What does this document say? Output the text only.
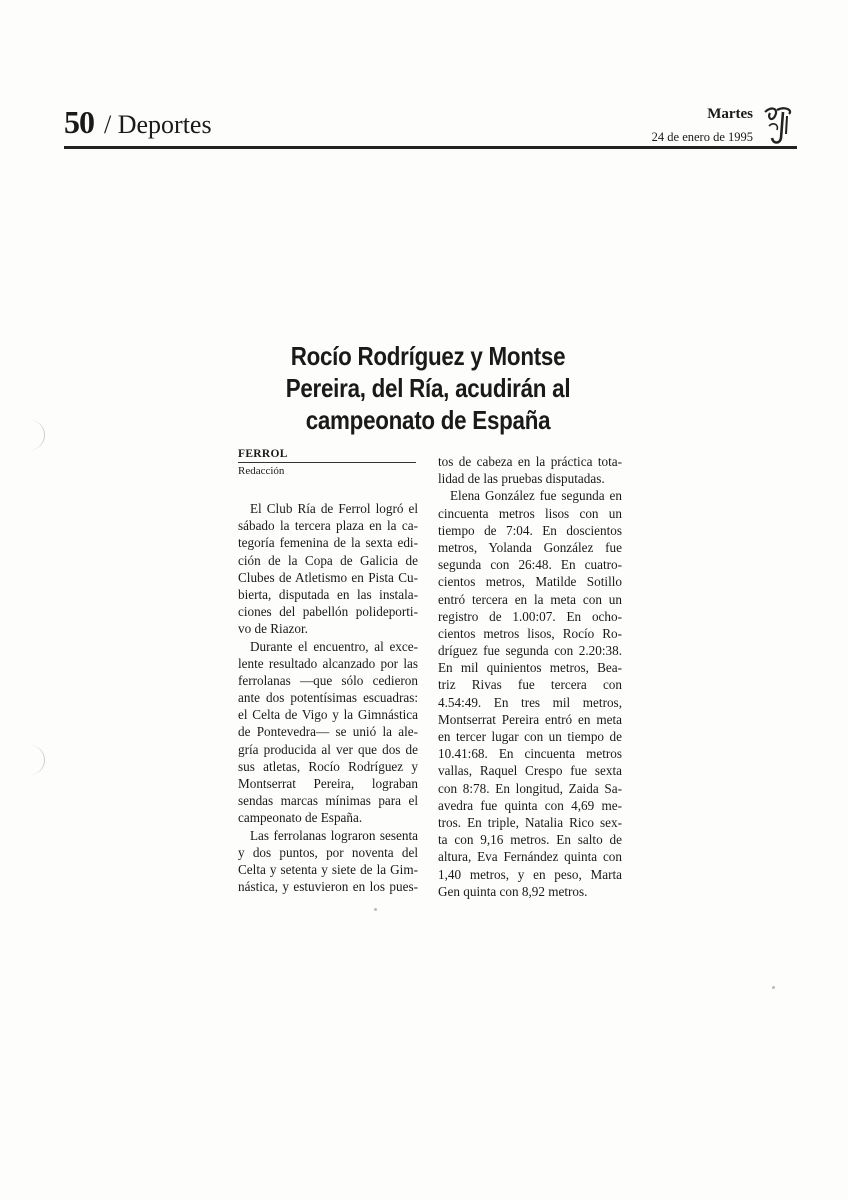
50 / Deportes	Martes
24 de enero de 1995
Rocío Rodríguez y Montse
Pereira, del Ría, acudirán al
campeonato de España
FERROL
Redacción
El Club Ría de Ferrol logró el
sábado la tercera plaza en la ca-
tegoría femenina de la sexta edi-
ción de la Copa de Galicia de
Clubes de Atletismo en Pista Cu-
bierta, disputada en las instala-
ciones del pabellón polideporti-
vo de Riazor.
Durante el encuentro, al exce-
lente resultado alcanzado por las
ferrolanas —que sólo cedieron
ante dos potentísimas escuadras:
el Celta de Vigo y la Gimnástica
de Pontevedra— se unió la ale-
gría producida al ver que dos de
sus atletas, Rocío Rodríguez y
Montserrat Pereira, lograban
sendas marcas mínimas para el
campeonato de España.
Las ferrolanas lograron sesenta
y dos puntos, por noventa del
Celta y setenta y siete de la Gim-
nástica, y estuvieron en los pues-
tos de cabeza en la práctica tota-
lidad de las pruebas disputadas.
Elena González fue segunda en
cincuenta metros lisos con un
tiempo de 7:04. En doscientos
metros, Yolanda González fue
segunda con 26:48. En cuatro-
cientos metros, Matilde Sotillo
entró tercera en la meta con un
registro de 1.00:07. En ocho-
cientos metros lisos, Rocío Ro-
dríguez fue segunda con 2.20:38.
En mil quinientos metros, Bea-
triz Rivas fue tercera con
4.54:49. En tres mil metros,
Montserrat Pereira entró en meta
en tercer lugar con un tiempo de
10.41:68. En cincuenta metros
vallas, Raquel Crespo fue sexta
con 8:78. En longitud, Zaida Sa-
avedra fue quinta con 4,69 me-
tros. En triple, Natalia Rico sex-
ta con 9,16 metros. En salto de
altura, Eva Fernández quinta con
1,40 metros, y en peso, Marta
Gen quinta con 8,92 metros.
